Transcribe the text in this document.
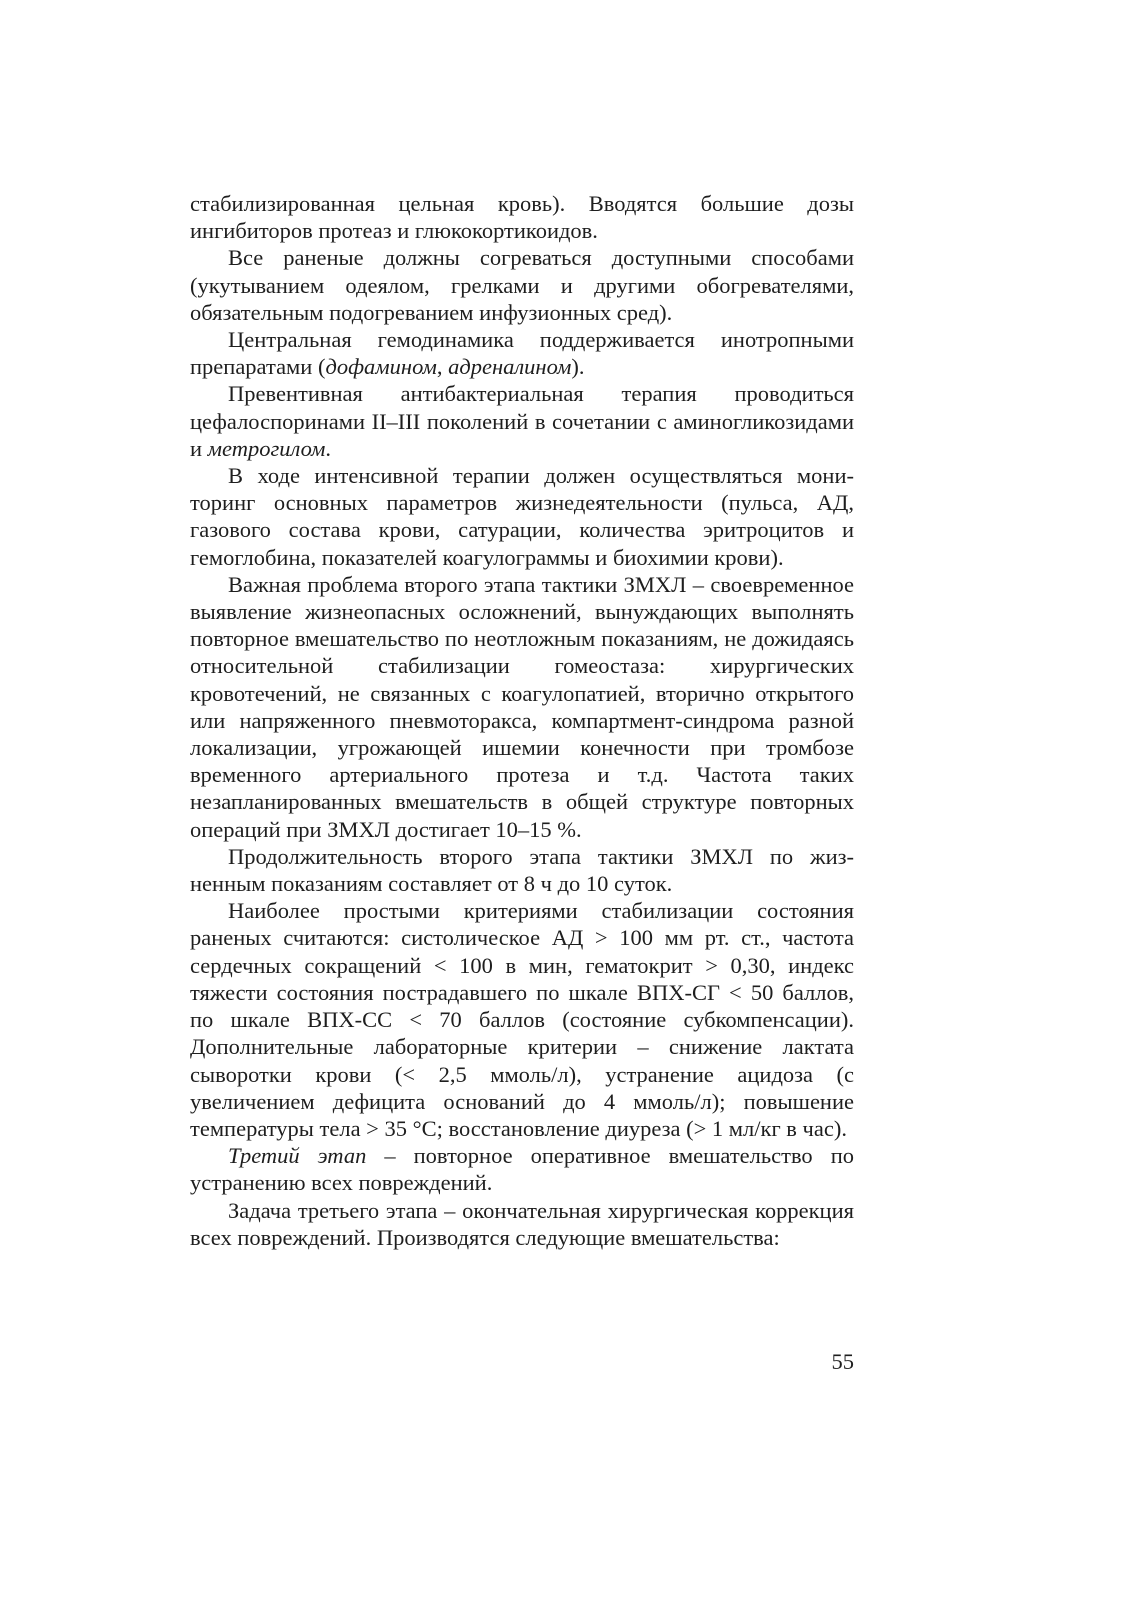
стабилизированная цельная кровь). Вводятся большие дозы ингибиторов протеаз и глюкокортикоидов.

Все раненые должны согреваться доступными способами (укутыванием одеялом, грелками и другими обогревателями, обязательным подогреванием инфузионных сред).

Центральная гемодинамика поддерживается инотропными препаратами (дофамином, адреналином).

Превентивная антибактериальная терапия проводиться цефалоспоринами II–III поколений в сочетании с аминогликозидами и метрогилом.

В ходе интенсивной терапии должен осуществляться мониторинг основных параметров жизнедеятельности (пульса, АД, газового состава крови, сатурации, количества эритроцитов и гемоглобина, показателей коагулограммы и биохимии крови).

Важная проблема второго этапа тактики ЗМХЛ – своевременное выявление жизнеопасных осложнений, вынуждающих выполнять повторное вмешательство по неотложным показаниям, не дожидаясь относительной стабилизации гомеостаза: хирургических кровотечений, не связанных с коагулопатией, вторично открытого или напряженного пневмоторакса, компартмент-синдрома разной локализации, угрожающей ишемии конечности при тромбозе временного артериального протеза и т.д. Частота таких незапланированных вмешательств в общей структуре повторных операций при ЗМХЛ достигает 10–15 %.

Продолжительность второго этапа тактики ЗМХЛ по жизненным показаниям составляет от 8 ч до 10 суток.

Наиболее простыми критериями стабилизации состояния раненых считаются: систолическое АД > 100 мм рт. ст., частота сердечных сокращений < 100 в мин, гематокрит > 0,30, индекс тяжести состояния пострадавшего по шкале ВПХ-СГ < 50 баллов, по шкале ВПХ-СС < 70 баллов (состояние субкомпенсации). Дополнительные лабораторные критерии – снижение лактата сыворотки крови (< 2,5 ммоль/л), устранение ацидоза (с увеличением дефицита оснований до 4 ммоль/л); повышение температуры тела > 35 °С; восстановление диуреза (> 1 мл/кг в час).

Третий этап – повторное оперативное вмешательство по устранению всех повреждений.

Задача третьего этапа – окончательная хирургическая коррекция всех повреждений. Производятся следующие вмешательства:

55
